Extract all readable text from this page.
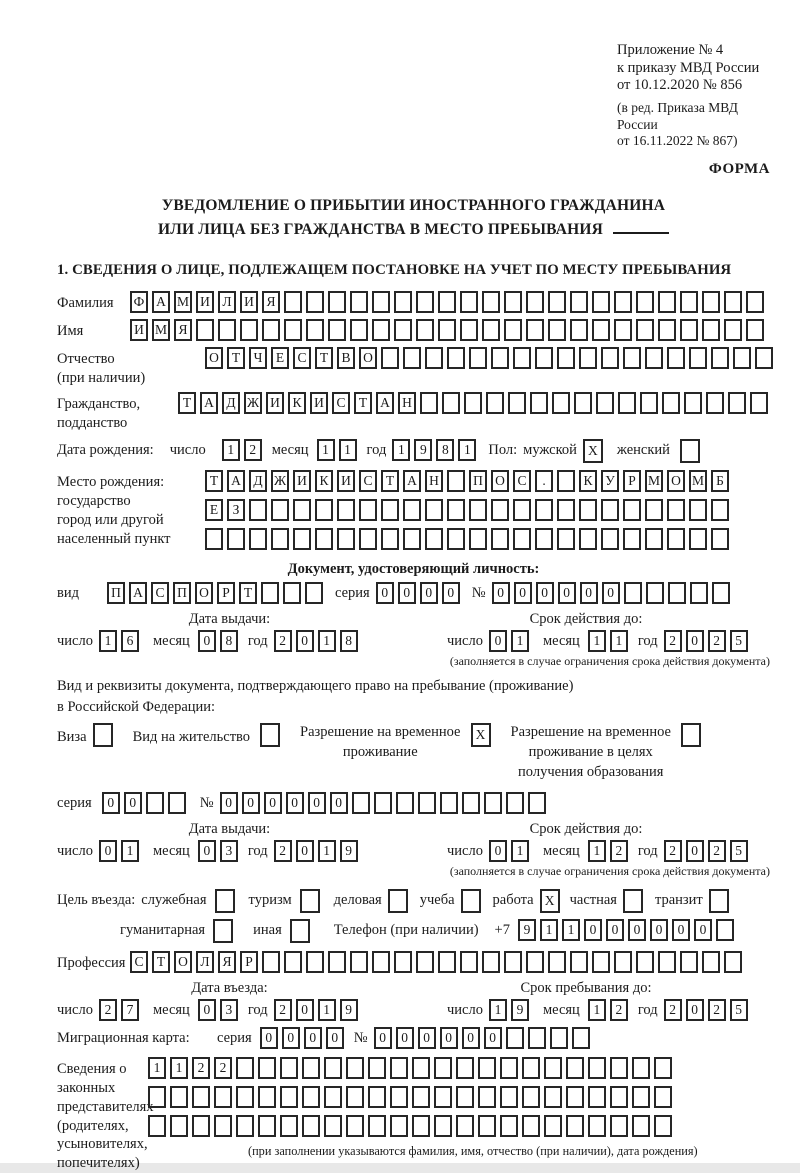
Приложение № 4
к приказу МВД России
от 10.12.2020 № 856
(в ред. Приказа МВД России
от 16.11.2022 № 867)
ФОРМА
УВЕДОМЛЕНИЕ О ПРИБЫТИИ ИНОСТРАННОГО ГРАЖДАНИНА
ИЛИ ЛИЦА БЕЗ ГРАЖДАНСТВА В МЕСТО ПРЕБЫВАНИЯ
1. СВЕДЕНИЯ О ЛИЦЕ, ПОДЛЕЖАЩЕМ ПОСТАНОВКЕ НА УЧЕТ ПО МЕСТУ ПРЕБЫВАНИЯ
Фамилия	Ф А М И Л И Я
Имя	И М Я
Отчество
(при наличии)
О Т Ч Е С Т В О
Гражданство,
подданство
Т А Д Ж И К И С Т А Н
Дата рождения: число	1	2	месяц	1	1	год 1	9	8	1	Пол: мужской X	женский
Место рождения:
государство
город или другой
населенный пункт
Т А Д Ж И К И С Т А Н	П О С	.	К У Р М О М Б
Е	З
Документ, удостоверяющий личность:
вид	П А С П О Р	Т	серия 0	0	0	0	№ 0	0	0	0	0	0
Дата выдачи:
число 1	6	месяц	0	8	год 2	0	1	8
Срок действия до:
число 0	1	месяц	1	1	год 2	0	2	5
(заполняется в случае ограничения срока действия документа)
Вид и реквизиты документа, подтверждающего право на пребывание (проживание)
в Российской Федерации:
Виза	Вид на жительство	Разрешение на временное
проживание
X	Разрешение на временное
проживание в целях
получения образования
серия	0	0	№ 0	0	0	0	0	0
Дата выдачи:
число 0	1	месяц	0	3	год 2	0	1	9
Срок действия до:
число 0	1	месяц	1	2	год 2	0	2	5
(заполняется в случае ограничения срока действия документа)
Цель въезда: служебная	туризм	деловая	учеба	работа X	частная	транзит
гуманитарная	иная	Телефон (при наличии) +7	9	1	1	0	0	0	0	0	0
Профессия С Т О Л Я	Р
Дата въезда:
число 2	7	месяц	0	3	год 2	0	1	9
Срок пребывания до:
число 1	9	месяц	1	2	год 2	0	2	5
Миграционная карта:	серия	0	0	0	0	№ 0	0	0	0	0	0
Сведения о
законных
представителях
(родителях,
усыновителях,
попечителях)
1	1	2	2
(при заполнении указываются фамилия, имя, отчество (при наличии), дата рождения)
